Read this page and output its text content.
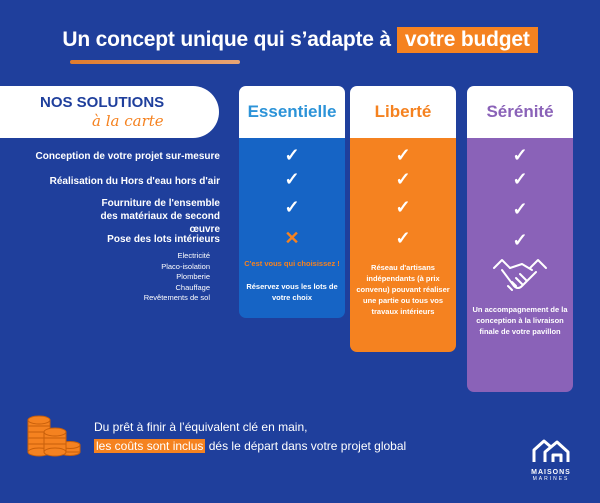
Un concept unique qui s’adapte à votre budget
NOS SOLUTIONS
à la carte
Conception de votre projet sur-mesure
Réalisation du Hors d'eau hors d'air
Fourniture de l'ensemble des matériaux de second œuvre
Pose des lots intérieurs
Electricité
Placo-isolation
Plomberie
Chauffage
Revêtements de sol
Essentielle
✓
✓
✓
✕
C'est vous qui choisissez !
Réservez vous les lots de votre choix
Liberté
✓
✓
✓
✓
Réseau d'artisans indépendants (à prix convenu) pouvant réaliser une partie ou tous vos travaux intérieurs
Sérénité
✓
✓
✓
✓
Un accompagnement de la conception à la livraison finale de votre pavillon
Du prêt à finir à l’équivalent clé en main,
les coûts sont inclus dés le départ dans votre projet global
MAISONS
MARINES
